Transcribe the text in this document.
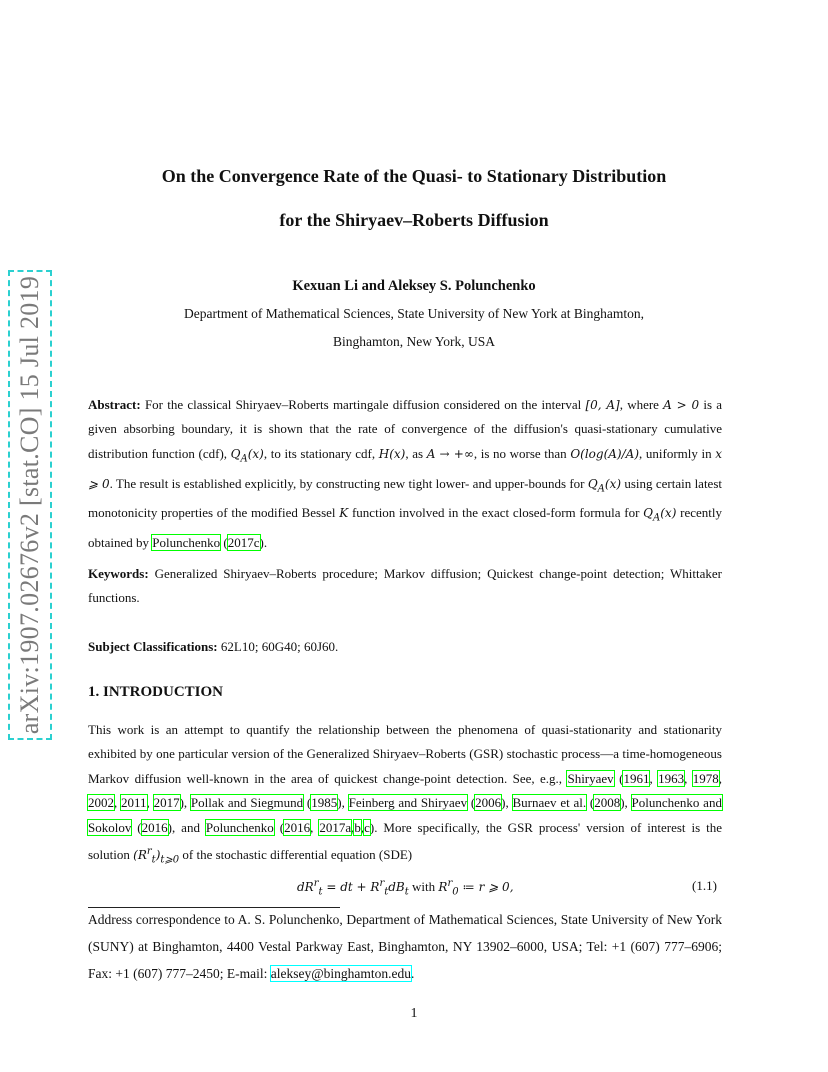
arXiv:1907.02676v2 [stat.CO] 15 Jul 2019
On the Convergence Rate of the Quasi- to Stationary Distribution
for the Shiryaev–Roberts Diffusion
Kexuan Li and Aleksey S. Polunchenko
Department of Mathematical Sciences, State University of New York at Binghamton,
Binghamton, New York, USA

Abstract: For the classical Shiryaev–Roberts martingale diffusion considered on the interval [0, A], where A > 0 is a given absorbing boundary, it is shown that the rate of convergence of the diffusion's quasi-stationary cumulative distribution function (cdf), $Q_A(x)$, to its stationary cdf, H(x), as A → +∞, is no worse than O(log(A)/A), uniformly in x ⩾ 0. The result is established explicitly, by constructing new tight lower- and upper-bounds for $Q_A(x)$ using certain latest monotonicity properties of the modified Bessel K function involved in the exact closed-form formula for $Q_A(x)$ recently obtained by Polunchenko (2017c).

Keywords: Generalized Shiryaev–Roberts procedure; Markov diffusion; Quickest change-point detection; Whittaker functions.

Subject Classifications: 62L10; 60G40; 60J60.

1. INTRODUCTION

This work is an attempt to quantify the relationship between the phenomena of quasi-stationarity and stationarity exhibited by one particular version of the Generalized Shiryaev–Roberts (GSR) stochastic process—a time-homogeneous Markov diffusion well-known in the area of quickest change-point detection. See, e.g., Shiryaev (1961, 1963, 1978, 2002, 2011, 2017), Pollak and Siegmund (1985), Feinberg and Shiryaev (2006), Burnaev et al. (2008), Polunchenko and Sokolov (2016), and Polunchenko (2016, 2017a,b,c). More specifically, the GSR process' version of interest is the solution $(R^r_t)_{t⩾0}$ of the stochastic differential equation (SDE)

$dR^r_t$ = dt + $R^r_tdB_t$ with $R^r_0$ ≔ r ⩾ 0,	(1.1)

Address correspondence to A. S. Polunchenko, Department of Mathematical Sciences, State University of New York (SUNY) at Binghamton, 4400 Vestal Parkway East, Binghamton, NY 13902–6000, USA; Tel: +1 (607) 777–6906; Fax: +1 (607) 777–2450; E-mail: aleksey@binghamton.edu.

1
